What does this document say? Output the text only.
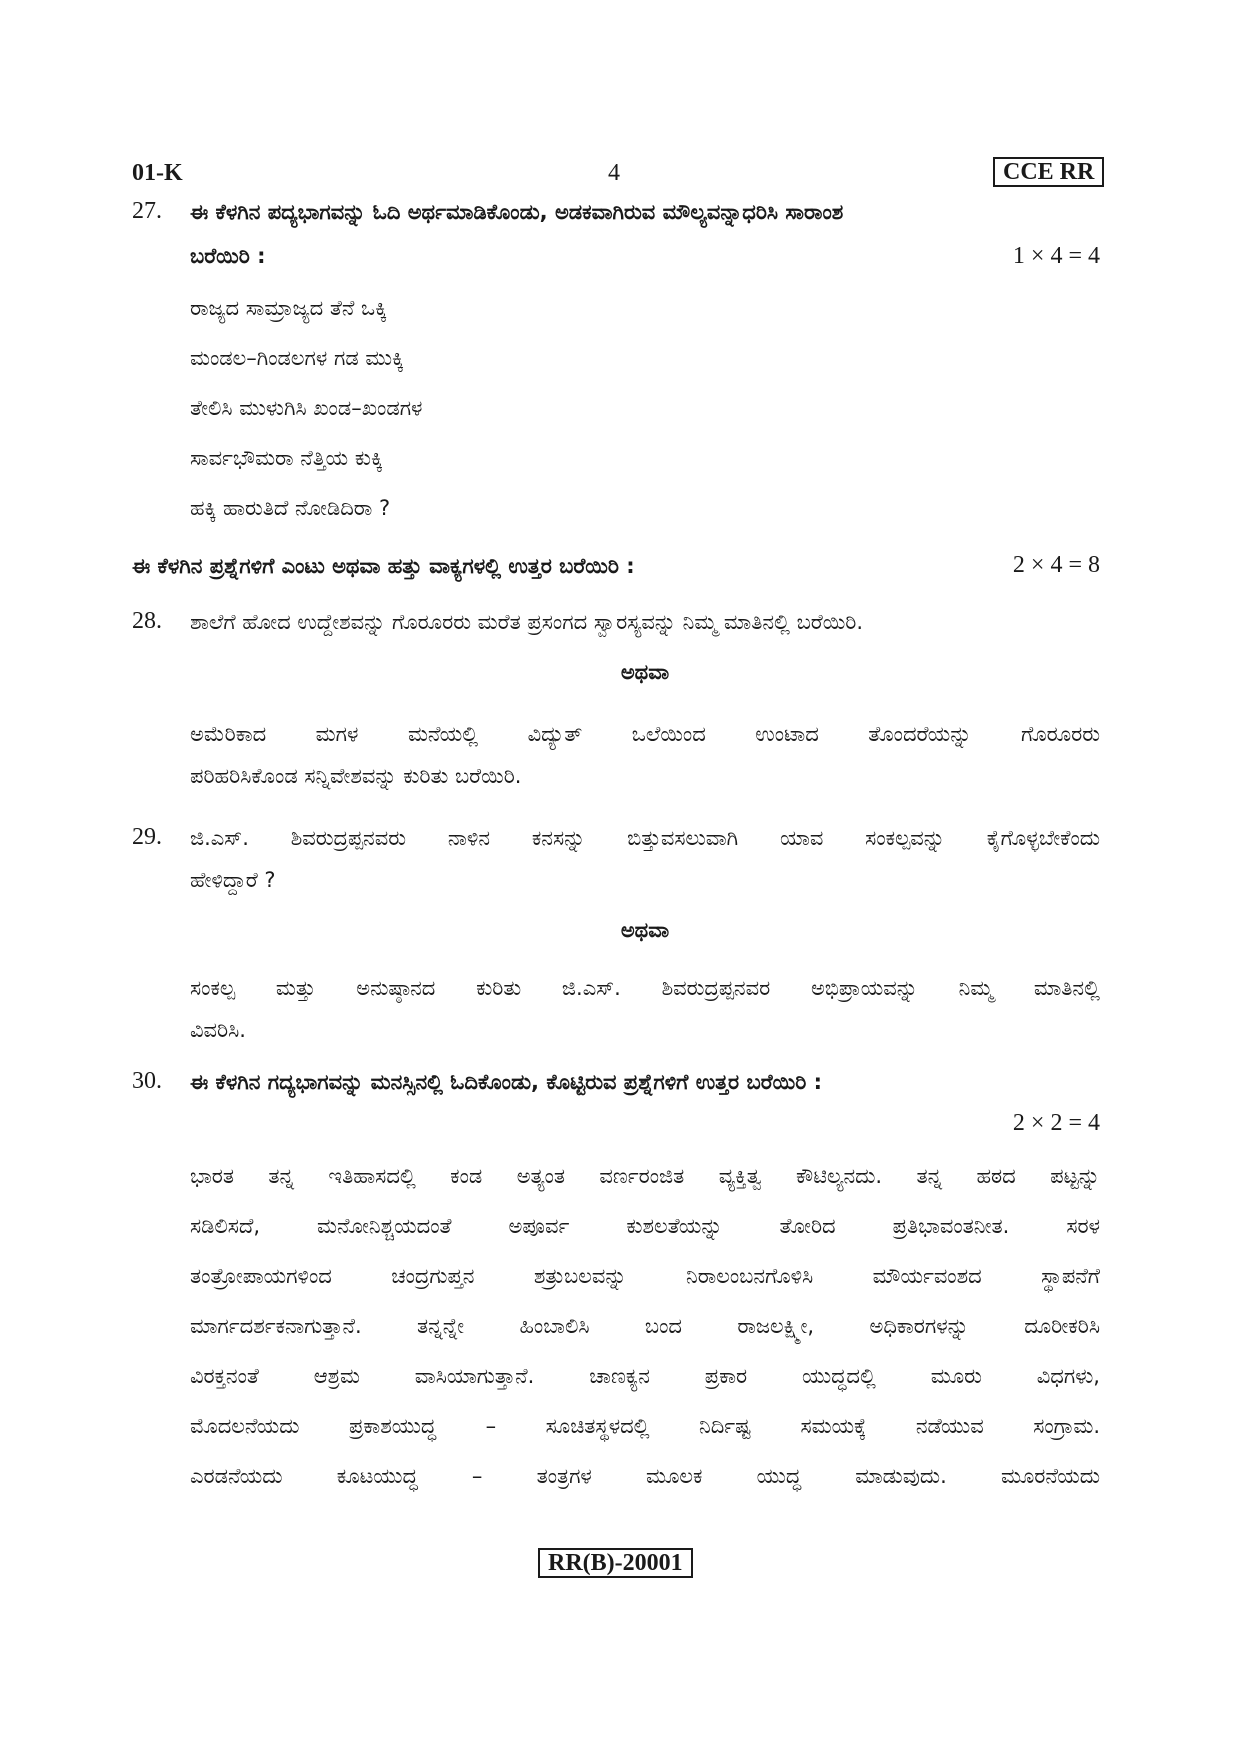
01-K	4	CCE RR
27. ಈ ಕೆಳಗಿನ ಪದ್ಯಭಾಗವನ್ನು ಓದಿ ಅರ್ಥಮಾಡಿಕೊಂಡು, ಅಡಕವಾಗಿರುವ ಮೌಲ್ಯವನ್ನಾಧರಿಸಿ ಸಾರಾಂಶ
ಬರೆಯಿರಿ :	1 × 4 = 4
ರಾಜ್ಯದ ಸಾಮ್ರಾಜ್ಯದ ತೆನೆ ಒಕ್ಕಿ
ಮಂಡಲ–ಗಿಂಡಲಗಳ ಗಡ ಮುಕ್ಕಿ
ತೇಲಿಸಿ ಮುಳುಗಿಸಿ ಖಂಡ–ಖಂಡಗಳ
ಸಾರ್ವಭೌಮರಾ ನೆತ್ತಿಯ ಕುಕ್ಕಿ
ಹಕ್ಕಿ ಹಾರುತಿದೆ ನೋಡಿದಿರಾ ?
ಈ ಕೆಳಗಿನ ಪ್ರಶ್ನೆಗಳಿಗೆ ಎಂಟು ಅಥವಾ ಹತ್ತು ವಾಕ್ಯಗಳಲ್ಲಿ ಉತ್ತರ ಬರೆಯಿರಿ :	2 × 4 = 8
28. ಶಾಲೆಗೆ ಹೋದ ಉದ್ದೇಶವನ್ನು ಗೊರೂರರು ಮರೆತ ಪ್ರಸಂಗದ ಸ್ವಾರಸ್ಯವನ್ನು ನಿಮ್ಮ ಮಾತಿನಲ್ಲಿ ಬರೆಯಿರಿ.
ಅಥವಾ
ಅಮೆರಿಕಾದ ಮಗಳ ಮನೆಯಲ್ಲಿ ವಿದ್ಯುತ್ ಒಲೆಯಿಂದ ಉಂಟಾದ ತೊಂದರೆಯನ್ನು ಗೊರೂರರು
ಪರಿಹರಿಸಿಕೊಂಡ ಸನ್ನಿವೇಶವನ್ನು ಕುರಿತು ಬರೆಯಿರಿ.
29. ಜಿ.ಎಸ್. ಶಿವರುದ್ರಪ್ಪನವರು ನಾಳಿನ ಕನಸನ್ನು ಬಿತ್ತುವಸಲುವಾಗಿ ಯಾವ ಸಂಕಲ್ಪವನ್ನು ಕೈಗೊಳ್ಳಬೇಕೆಂದು
ಹೇಳಿದ್ದಾರೆ ?
ಅಥವಾ
ಸಂಕಲ್ಪ ಮತ್ತು ಅನುಷ್ಠಾನದ ಕುರಿತು ಜಿ.ಎಸ್. ಶಿವರುದ್ರಪ್ಪನವರ ಅಭಿಪ್ರಾಯವನ್ನು ನಿಮ್ಮ ಮಾತಿನಲ್ಲಿ
ವಿವರಿಸಿ.
30. ಈ ಕೆಳಗಿನ ಗದ್ಯಭಾಗವನ್ನು ಮನಸ್ಸಿನಲ್ಲಿ ಓದಿಕೊಂಡು, ಕೊಟ್ಟಿರುವ ಪ್ರಶ್ನೆಗಳಿಗೆ ಉತ್ತರ ಬರೆಯಿರಿ :
2 × 2 = 4
ಭಾರತ ತನ್ನ ಇತಿಹಾಸದಲ್ಲಿ ಕಂಡ ಅತ್ಯಂತ ವರ್ಣರಂಜಿತ ವ್ಯಕ್ತಿತ್ವ ಕೌಟಿಲ್ಯನದು. ತನ್ನ ಹಠದ ಪಟ್ಟನ್ನು
ಸಡಿಲಿಸದೆ, ಮನೋನಿಶ್ಚಯದಂತೆ ಅಪೂರ್ವ ಕುಶಲತೆಯನ್ನು ತೋರಿದ ಪ್ರತಿಭಾವಂತನೀತ. ಸರಳ
ತಂತ್ರೋಪಾಯಗಳಿಂದ ಚಂದ್ರಗುಪ್ತನ ಶತ್ರುಬಲವನ್ನು ನಿರಾಲಂಬನಗೊಳಿಸಿ ಮೌರ್ಯವಂಶದ ಸ್ಥಾಪನೆಗೆ
ಮಾರ್ಗದರ್ಶಕನಾಗುತ್ತಾನೆ. ತನ್ನನ್ನೇ ಹಿಂಬಾಲಿಸಿ ಬಂದ ರಾಜಲಕ್ಷ್ಮೀ, ಅಧಿಕಾರಗಳನ್ನು ದೂರೀಕರಿಸಿ
ವಿರಕ್ತನಂತೆ ಆಶ್ರಮ ವಾಸಿಯಾಗುತ್ತಾನೆ. ಚಾಣಕ್ಯನ ಪ್ರಕಾರ ಯುದ್ಧದಲ್ಲಿ ಮೂರು ವಿಧಗಳು,
ಮೊದಲನೆಯದು ಪ್ರಕಾಶಯುದ್ಧ – ಸೂಚಿತಸ್ಥಳದಲ್ಲಿ ನಿರ್ದಿಷ್ಟ ಸಮಯಕ್ಕೆ ನಡೆಯುವ ಸಂಗ್ರಾಮ.
ಎರಡನೆಯದು ಕೂಟಯುದ್ಧ – ತಂತ್ರಗಳ ಮೂಲಕ ಯುದ್ಧ ಮಾಡುವುದು. ಮೂರನೆಯದು
RR(B)-20001
